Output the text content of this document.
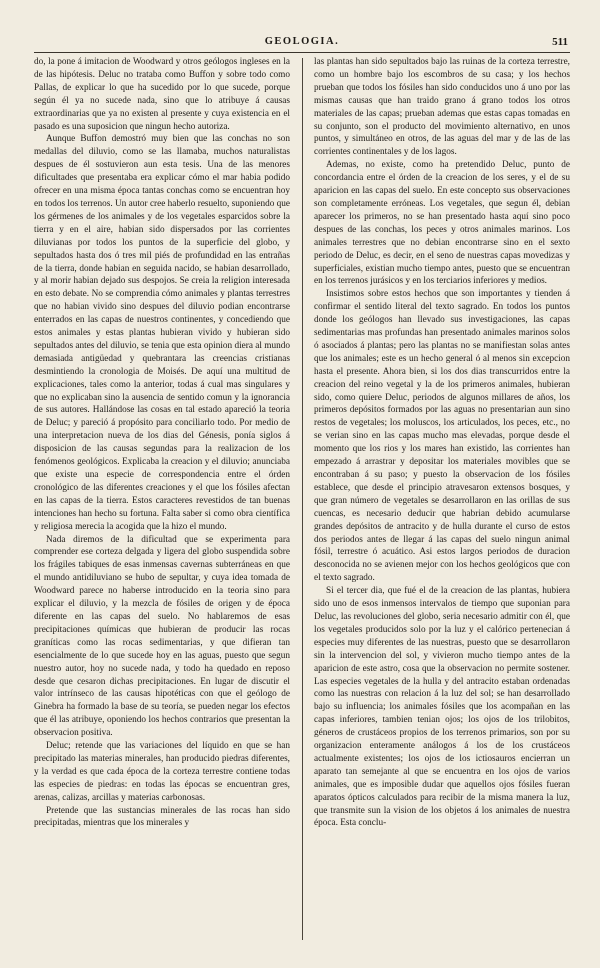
GEOLOGIA.	511

do, la pone á imitacion de Woodward y otros geólogos ingleses en la de las hipótesis. Deluc no trataba como Buffon y sobre todo como Pallas, de explicar lo que ha sucedido por lo que sucede, porque según él ya no sucede nada, sino que lo atribuye á causas extraordinarias que ya no existen al presente y cuya existencia en el pasado es una suposicion que ningun hecho autoriza.

Aunque Buffon demostró muy bien que las conchas no son medallas del diluvio, como se las llamaba, muchos naturalistas despues de él sostuvieron aun esta tesis. Una de las menores dificultades que presentaba era explicar cómo el mar habia podido ofrecer en una misma época tantas conchas como se encuentran hoy en todos los terrenos. Un autor cree haberlo resuelto, suponiendo que los gérmenes de los animales y de los vegetales esparcidos sobre la tierra y en el aire, habian sido dispersados por las corrientes diluvianas por todos los puntos de la superficie del globo, y sepultados hasta dos ó tres mil piés de profundidad en las entrañas de la tierra, donde habian en seguida nacido, se habian desarrollado, y al morir habian dejado sus despojos. Se creia la religion interesada en esto debate. No se comprendia cómo animales y plantas terrestres que no habian vivido sino despues del diluvio podian encontrarse enterrados en las capas de nuestros continentes, y concediendo que estos animales y estas plantas hubieran vivido y hubieran sido sepultados antes del diluvio, se tenia que esta opinion diera al mundo demasiada antigüedad y quebrantara las creencias cristianas desmintiendo la cronologia de Moisés. De aquí una multitud de explicaciones, tales como la anterior, todas á cual mas singulares y que no explicaban sino la ausencia de sentido comun y la ignorancia de sus autores. Hallándose las cosas en tal estado apareció la teoria de Deluc; y pareció á propósito para conciliarlo todo. Por medio de una interpretacion nueva de los dias del Génesis, ponía siglos á disposicion de las causas segundas para la realizacion de los fenómenos geológicos. Explicaba la creacion y el diluvio; anunciaba que existe una especie de correspondencia entre el órden cronológico de las diferentes creaciones y el que los fósiles afectan en las capas de la tierra. Estos caracteres revestidos de tan buenas intenciones han hecho su fortuna. Falta saber si como obra científica y religiosa merecia la acogida que la hizo el mundo.

Nada diremos de la dificultad que se experimenta para comprender ese corteza delgada y ligera del globo suspendida sobre los frágiles tabiques de esas inmensas cavernas subterráneas en que el mundo antidiluviano se hubo de sepultar, y cuya idea tomada de Woodward parece no haberse introducido en la teoria sino para explicar el diluvio, y la mezcla de fósiles de origen y de época diferente en las capas del suelo. No hablaremos de esas precipitaciones químicas que hubieran de producir las rocas graníticas como las rocas sedimentarias, y que difieran tan esencialmente de lo que sucede hoy en las aguas, puesto que segun nuestro autor, hoy no sucede nada, y todo ha quedado en reposo desde que cesaron dichas precipitaciones. En lugar de discutir el valor intrínseco de las causas hipotéticas con que el geólogo de Ginebra ha formado la base de su teoría, se pueden negar los efectos que él las atribuye, oponiendo los hechos contrarios que presentan la observacion positiva.

Deluc; retende que las variaciones del líquido en que se han precipitado las materias minerales, han producido piedras diferentes, y la verdad es que cada época de la corteza terrestre contiene todas las especies de piedras: en todas las épocas se encuentran gres, arenas, calizas, arcillas y materias carbonosas.

Pretende que las sustancias minerales de las rocas han sido precipitadas, mientras que los minerales y

las plantas han sido sepultados bajo las ruinas de la corteza terrestre, como un hombre bajo los escombros de su casa; y los hechos prueban que todos los fósiles han sido conducidos uno á uno por las mismas causas que han traido grano á grano todos los otros materiales de las capas; prueban ademas que estas capas tomadas en su conjunto, son el producto del movimiento alternativo, en unos puntos, y simultáneo en otros, de las aguas del mar y de las de las corrientes continentales y de los lagos.

Ademas, no existe, como ha pretendido Deluc, punto de concordancia entre el órden de la creacion de los seres, y el de su aparicion en las capas del suelo. En este concepto sus observaciones son completamente erróneas. Los vegetales, que segun él, debian aparecer los primeros, no se han presentado hasta aquí sino poco despues de las conchas, los peces y otros animales marinos. Los animales terrestres que no debian encontrarse sino en el sexto periodo de Deluc, es decir, en el seno de nuestras capas movedizas y superficiales, existian mucho tiempo antes, puesto que se encuentran en los terrenos jurásicos y en los terciarios inferiores y medios.

Insistimos sobre estos hechos que son importantes y tienden á confirmar el sentido literal del texto sagrado. En todos los puntos donde los geólogos han llevado sus investigaciones, las capas sedimentarias mas profundas han presentado animales marinos solos ó asociados á plantas; pero las plantas no se manifiestan solas antes que los animales; este es un hecho general ó al menos sin excepcion hasta el presente. Ahora bien, si los dos dias transcurridos entre la creacion del reino vegetal y la de los primeros animales, hubieran sido, como quiere Deluc, periodos de algunos millares de años, los primeros depósitos formados por las aguas no presentarian aun sino restos de vegetales; los moluscos, los articulados, los peces, etc., no se verian sino en las capas mucho mas elevadas, porque desde el momento que los rios y los mares han existido, las corrientes han empezado á arrastrar y depositar los materiales movibles que se encontraban á su paso; y puesto la observacion de los fósiles establece, que desde el principio atravesaron extensos bosques, y que gran número de vegetales se desarrollaron en las orillas de sus cuencas, es necesario deducir que habrian debido acumularse grandes depósitos de antracito y de hulla durante el curso de estos dos periodos antes de llegar á las capas del suelo ningun animal fósil, terrestre ó acuático. Asi estos largos periodos de duracion desconocida no se avienen mejor con los hechos geológicos que con el texto sagrado.

Si el tercer dia, que fué el de la creacion de las plantas, hubiera sido uno de esos inmensos intervalos de tiempo que suponian para Deluc, las revoluciones del globo, seria necesario admitir con él, que los vegetales producidos solo por la luz y el calórico pertenecian á especies muy diferentes de las nuestras, puesto que se desarrollaron sin la intervencion del sol, y vivieron mucho tiempo antes de la aparicion de este astro, cosa que la observacion no permite sostener. Las especies vegetales de la hulla y del antracito estaban ordenadas como las nuestras con relacion á la luz del sol; se han desarrollado bajo su influencia; los animales fósiles que los acompañan en las capas inferiores, tambien tenian ojos; los ojos de los trilobitos, géneros de crustáceos propios de los terrenos primarios, son por su organizacion enteramente análogos á los de los crustáceos actualmente existentes; los ojos de los ictiosauros encierran un aparato tan semejante al que se encuentra en los ojos de varios animales, que es imposible dudar que aquellos ojos fósiles fueran aparatos ópticos calculados para recibir de la misma manera la luz, que transmite sun la vision de los objetos á los animales de nuestra época. Esta conclu-
